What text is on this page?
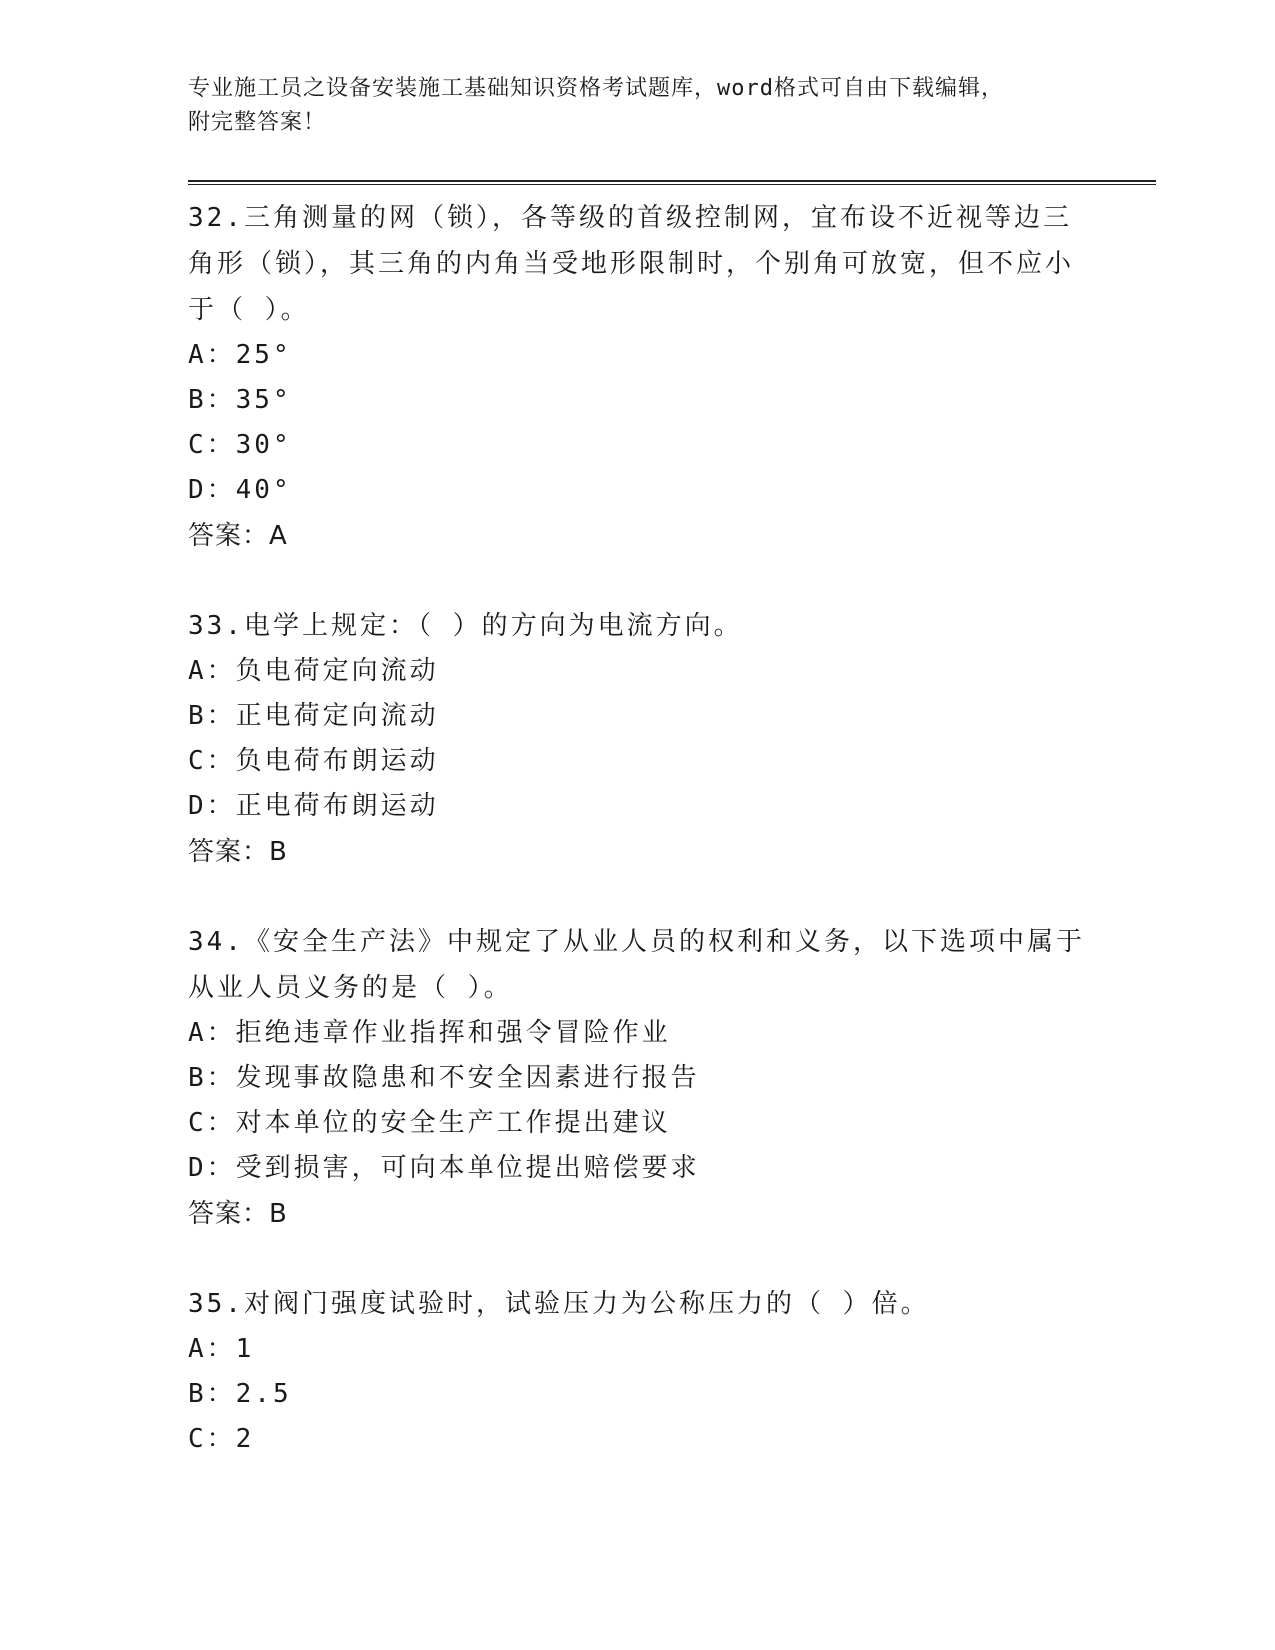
专业施工员之设备安装施工基础知识资格考试题库，word格式可自由下载编辑，
附完整答案！
32.三角测量的网（锁），各等级的首级控制网，宜布设不近视等边三角形（锁），其三角的内角当受地形限制时，个别角可放宽，但不应小于（ ）。
A：25°
B：35°
C：30°
D：40°
答案：A
33.电学上规定：（ ）的方向为电流方向。
A：负电荷定向流动
B：正电荷定向流动
C：负电荷布朗运动
D：正电荷布朗运动
答案：B
34.《安全生产法》中规定了从业人员的权利和义务，以下选项中属于从业人员义务的是（ ）。
A：拒绝违章作业指挥和强令冒险作业
B：发现事故隐患和不安全因素进行报告
C：对本单位的安全生产工作提出建议
D：受到损害，可向本单位提出赔偿要求
答案：B
35.对阀门强度试验时，试验压力为公称压力的（ ）倍。
A：1
B：2.5
C：2
